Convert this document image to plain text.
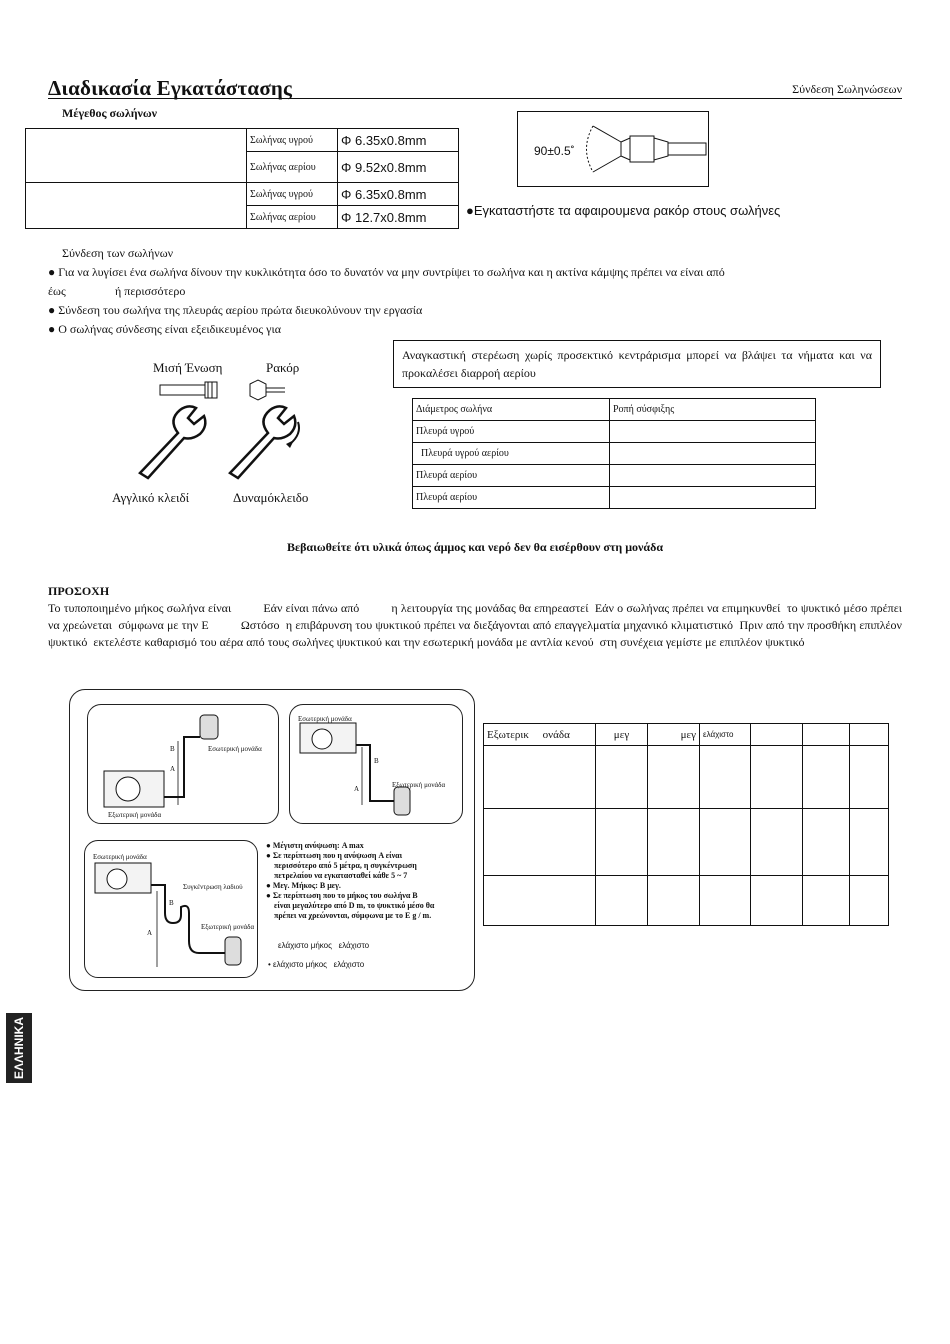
Διαδικασία Εγκατάστασης	Σύνδεση Σωληνώσεων
Μέγεθος σωλήνων
	Σωλήνας υγρού	Φ 6.35x0.8mm
	Σωλήνας αερίου	Φ 9.52x0.8mm
	Σωλήνας υγρού	Φ 6.35x0.8mm
	Σωλήνας αερίου	Φ 12.7x0.8mm
90±0.5˚
●Εγκαταστήστε τα αφαιρουμενα ρακόρ στους σωλήνες
Σύνδεση των σωλήνων
● Για να λυγίσει ένα σωλήνα δίνουν την κυκλικότητα όσο το δυνατόν να μην συντρίψει το σωλήνα και η ακτίνα κάμψης πρέπει να είναι από
έως	ή περισσότερο
● Σύνδεση του σωλήνα της πλευράς αερίου πρώτα διευκολύνουν την εργασία
● Ο σωλήνας σύνδεσης είναι εξειδικευμένος για
Μισή Ένωση	Ρακόρ
Αγγλικό κλειδί	Δυναμόκλειδο
Αναγκαστική στερέωση χωρίς προσεκτικό κεντράρισμα μπορεί να βλάψει τα νήματα και να προκαλέσει διαρροή αερίου
Διάμετρος σωλήνα	Ροπή σύσφιξης
Πλευρά υγρού	
Πλευρά υγρού αερίου	
Πλευρά αερίου	
Πλευρά αερίου	
Βεβαιωθείτε ότι υλικά όπως άμμος και νερό δεν θα εισέρθουν στη μονάδα
ΠΡΟΣΟΧΗ
Το τυποποιημένο μήκος σωλήνα είναι          Εάν είναι πάνω από          η λειτουργία της μονάδας θα επηρεαστεί  Εάν ο σωλήνας πρέπει να επιμηκυνθεί  το ψυκτικό μέσο πρέπει να χρεώνεται  σύμφωνα με την Ε          Ωστόσο  η επιβάρυνση του ψυκτικού πρέπει να διεξάγονται από επαγγελματία μηχανικό κλιματιστικό  Πριν από την προσθήκη επιπλέον ψυκτικό  εκτελέστε καθαρισμό του αέρα από τους σωλήνες ψυκτικού και την εσωτερική μονάδα με αντλία κενού  στη συνέχεια γεμίστε με επιπλέον ψυκτικό
Εσωτερική μονάδα
Εξωτερική μονάδα
B
A
Εσωτερική μονάδα
Εξωτερική μονάδα
B
A
Εσωτερική μονάδα
Συγκέντρωση λαδιού
Εξωτερική μονάδα
B
A
● Μέγιστη ανύψωση: A max
● Σε περίπτωση που η ανύψωση A είναι
περισσότερο από 5 μέτρα, η συγκέντρωση
πετρελαίου να εγκατασταθεί κάθε 5 ~ 7
● Μεγ. Μήκος: B μεγ.
● Σε περίπτωση που το μήκος του σωλήνα B
είναι μεγαλύτερο από D m, το ψυκτικό μέσο θα
πρέπει να χρεώνονται, σύμφωνα με το E g / m.
ελάχιστο μήκος   ελάχιστο
• ελάχιστο μήκος   ελάχιστο
Εξωτερικ     ονάδα	μεγ	μεγ	ελάχιστο			

ΕΛΛΗΝΙΚΑ
